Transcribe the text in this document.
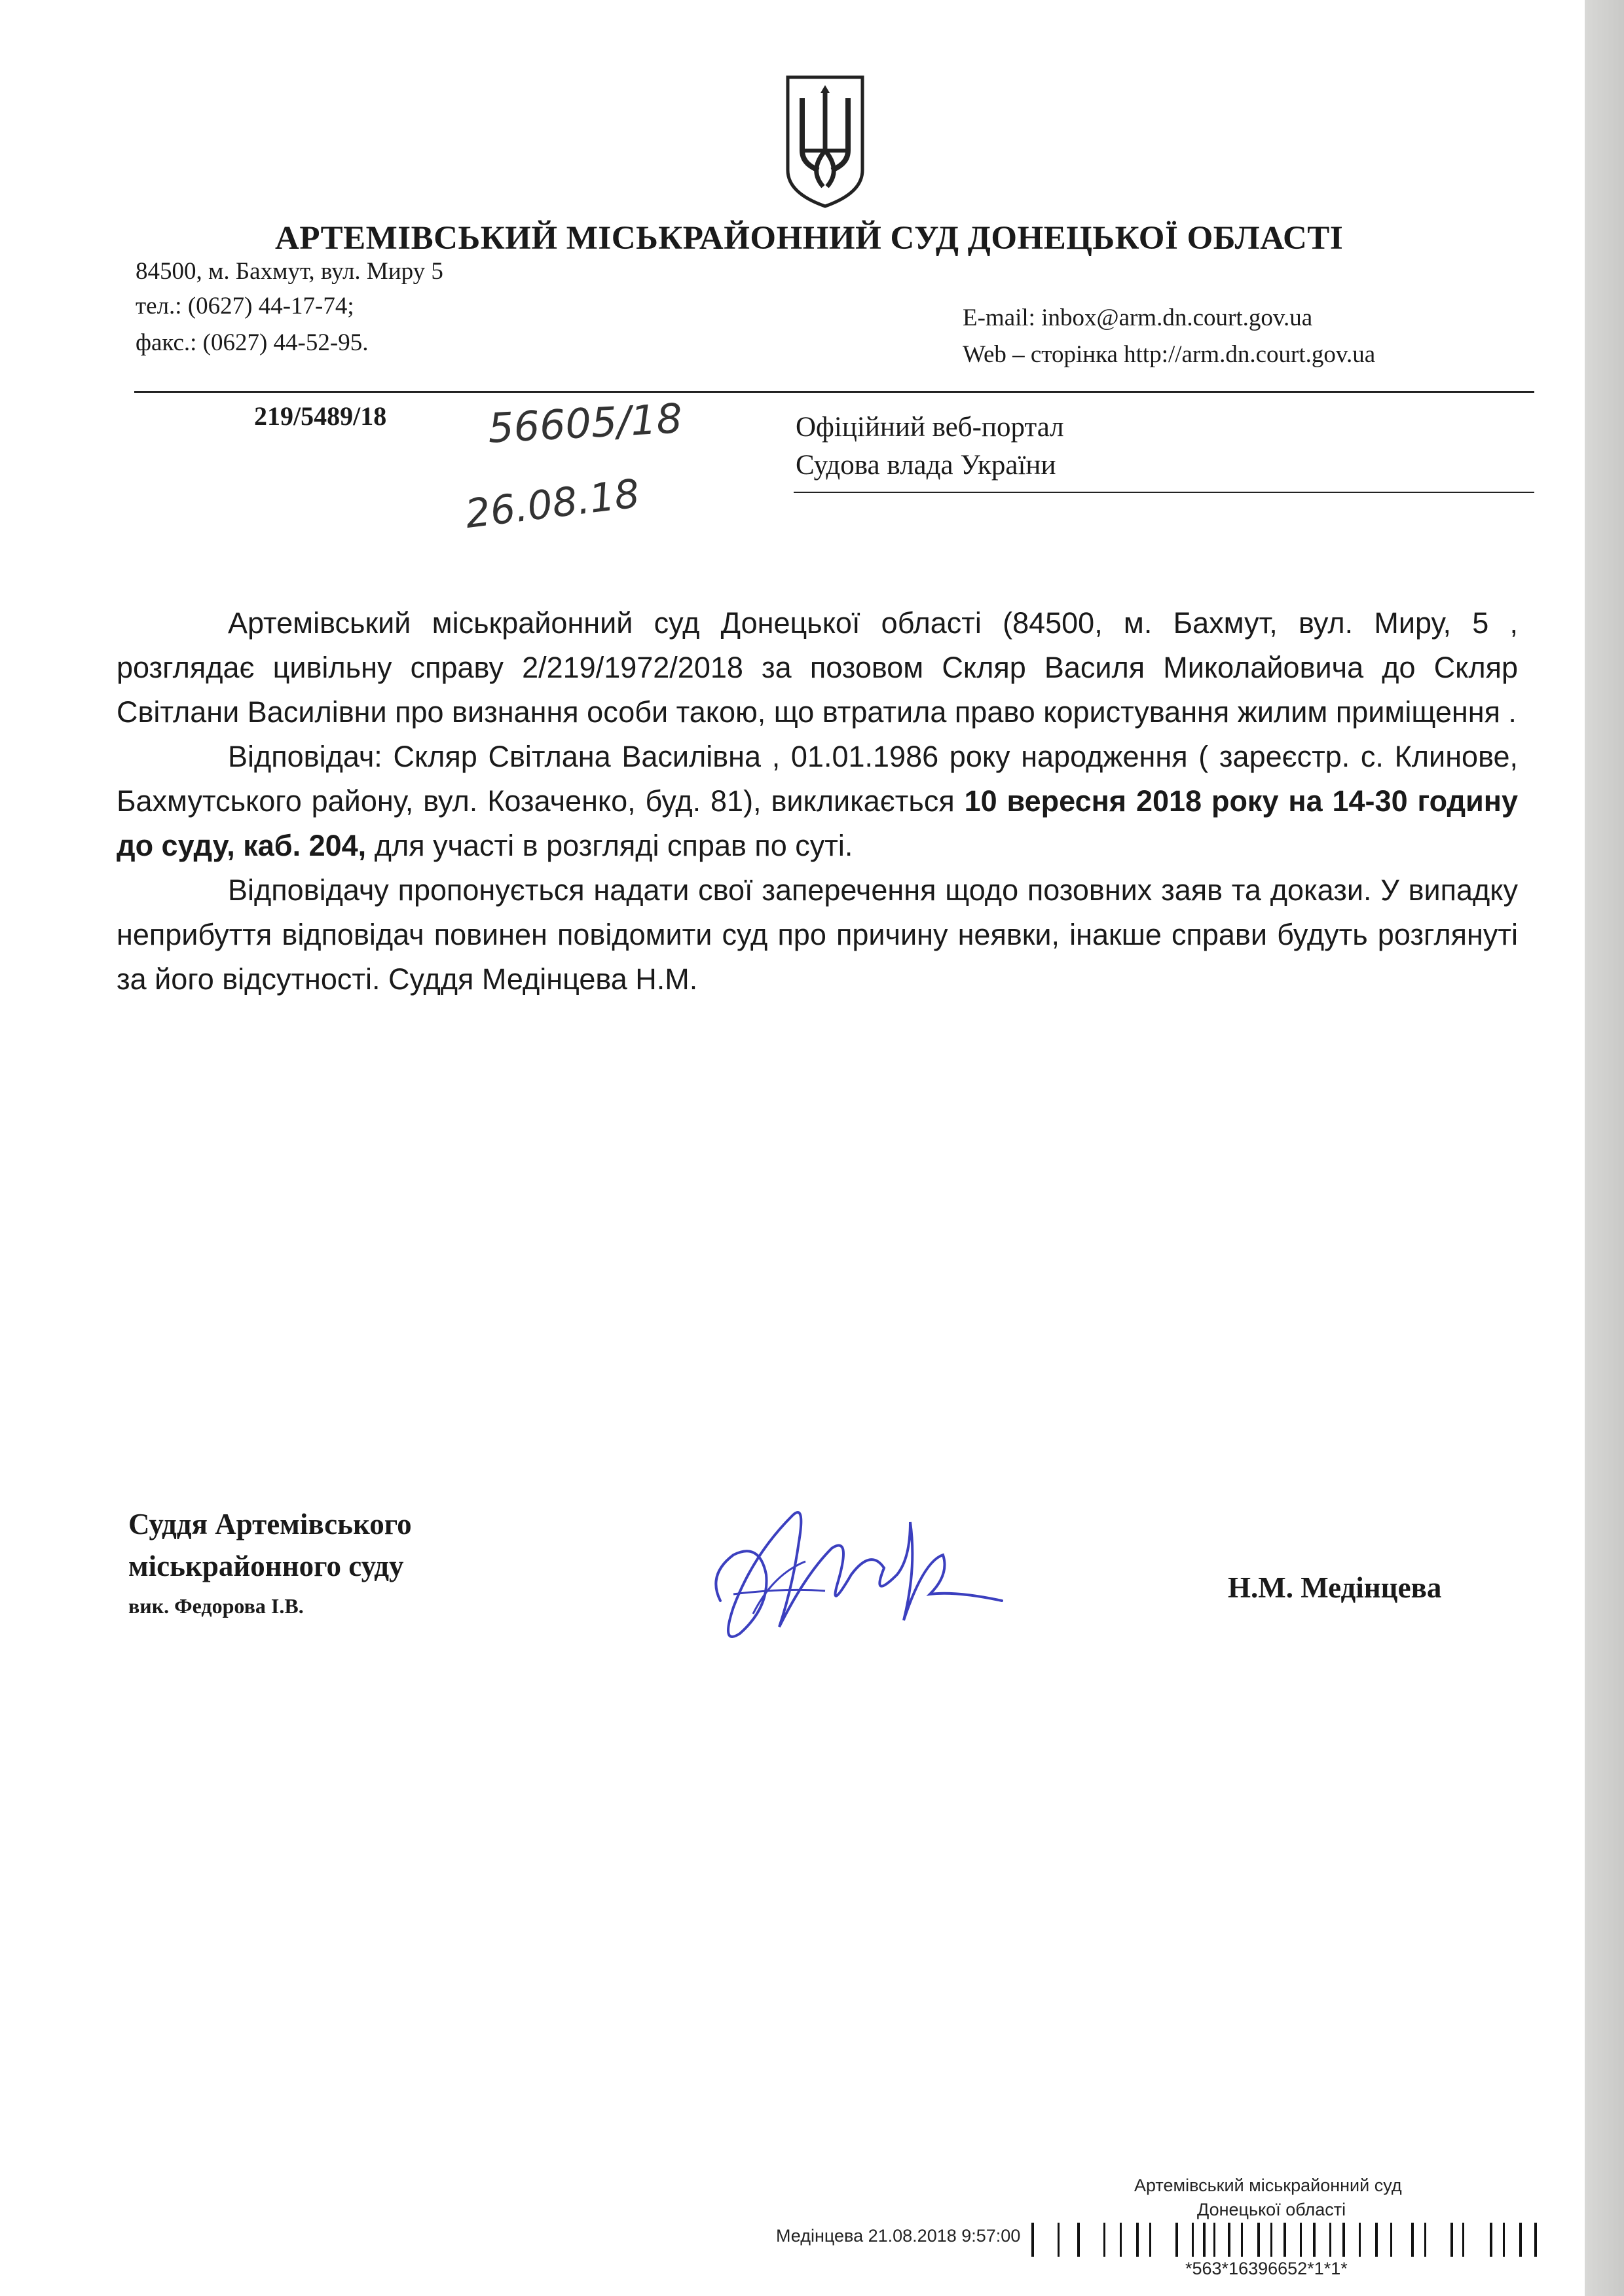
АРТЕМІВСЬКИЙ МІСЬКРАЙОННИЙ СУД ДОНЕЦЬКОЇ ОБЛАСТІ
84500, м. Бахмут, вул. Миру 5
тел.: (0627) 44-17-74;
факс.: (0627) 44-52-95.
E-mail: inbox@arm.dn.court.gov.ua
Web – сторінка http://arm.dn.court.gov.ua
219/5489/18 56605/18
26.08.18
Офіційний веб-портал
Судова влада України

Артемівський міськрайонний суд Донецької області (84500, м. Бахмут, вул. Миру, 5 , розглядає цивільну справу 2/219/1972/2018 за позовом Скляр Василя Миколайовича до Скляр Світлани Василівни про визнання особи такою, що втратила право користування жилим приміщення .

Відповідач: Скляр Світлана Василівна , 01.01.1986 року народження ( зареєстр. с. Клинове, Бахмутського району, вул. Козаченко, буд. 81), викликається 10 вересня 2018 року на 14-30 годину до суду, каб. 204, для участі в розгляді справ по суті.

Відповідачу пропонується надати свої заперечення щодо позовних заяв та докази. У випадку неприбуття відповідач повинен повідомити суд про причину неявки, інакше справи будуть розглянуті за його відсутності. Суддя Медінцева Н.М.

Суддя Артемівського
міськрайонного суду
вик. Федорова І.В.
Н.М. Медінцева
Артемівський міськрайонний суд
Донецької області
Медінцева 21.08.2018 9:57:00
*563*16396652*1*1*
